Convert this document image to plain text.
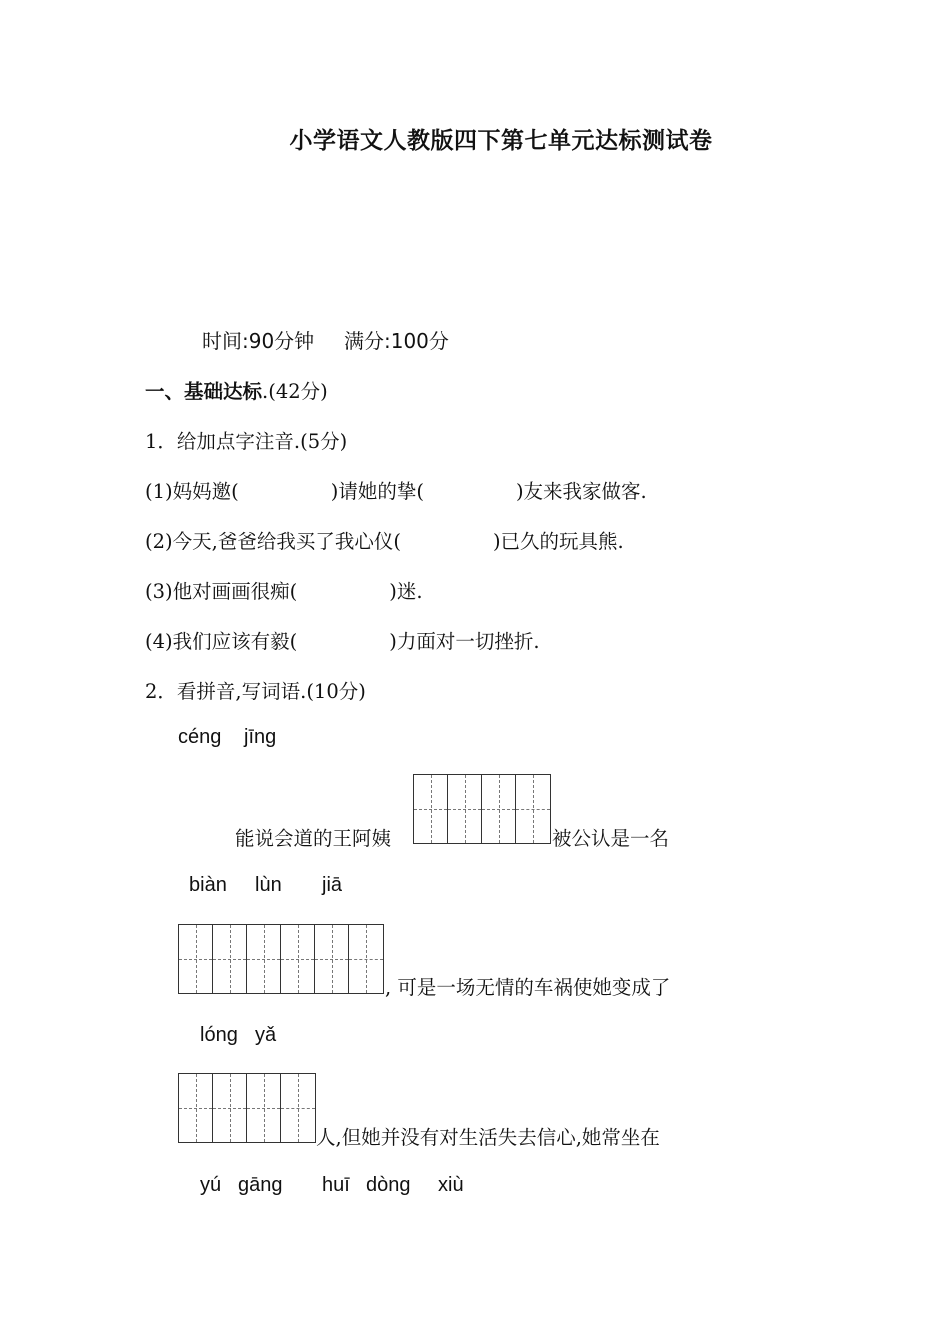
小学语文人教版四下第七单元达标测试卷
时间:90分钟 满分:100分
一、基础达标.(42分)
1．给加点字注音.(5分)
(1)妈妈邀(	)请她的挚(	)友来我家做客.
(2)今天,爸爸给我买了我心仪(	)已久的玩具熊.
(3)他对画画很痴(	)迷.
(4)我们应该有毅(	)力面对一切挫折.
2．看拼音,写词语.(10分)
céng jīng
能说会道的王阿姨	被公认是一名
biàn lùn jiā
, 可是一场无情的车祸使她变成了
lóng yǎ
人,但她并没有对生活失去信心,她常坐在
yú gāng huī dòng xiù
